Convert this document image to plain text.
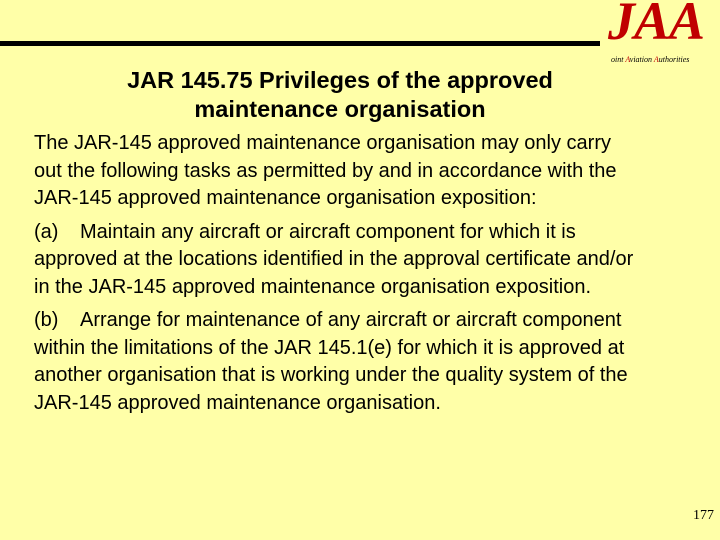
JAA
oint Aviation Authorities
JAR 145.75 Privileges of the approved maintenance organisation

The JAR-145 approved maintenance organisation may only carry out the following tasks as permitted by and in accordance with the JAR-145 approved maintenance organisation exposition:

(a) Maintain any aircraft or aircraft component for which it is approved at the locations identified in the approval certificate and/or in the JAR-145 approved maintenance organisation exposition.

(b) Arrange for maintenance of any aircraft or aircraft component within the limitations of the JAR 145.1(e) for which it is approved at another organisation that is working under the quality system of the JAR-145 approved maintenance organisation.

177
